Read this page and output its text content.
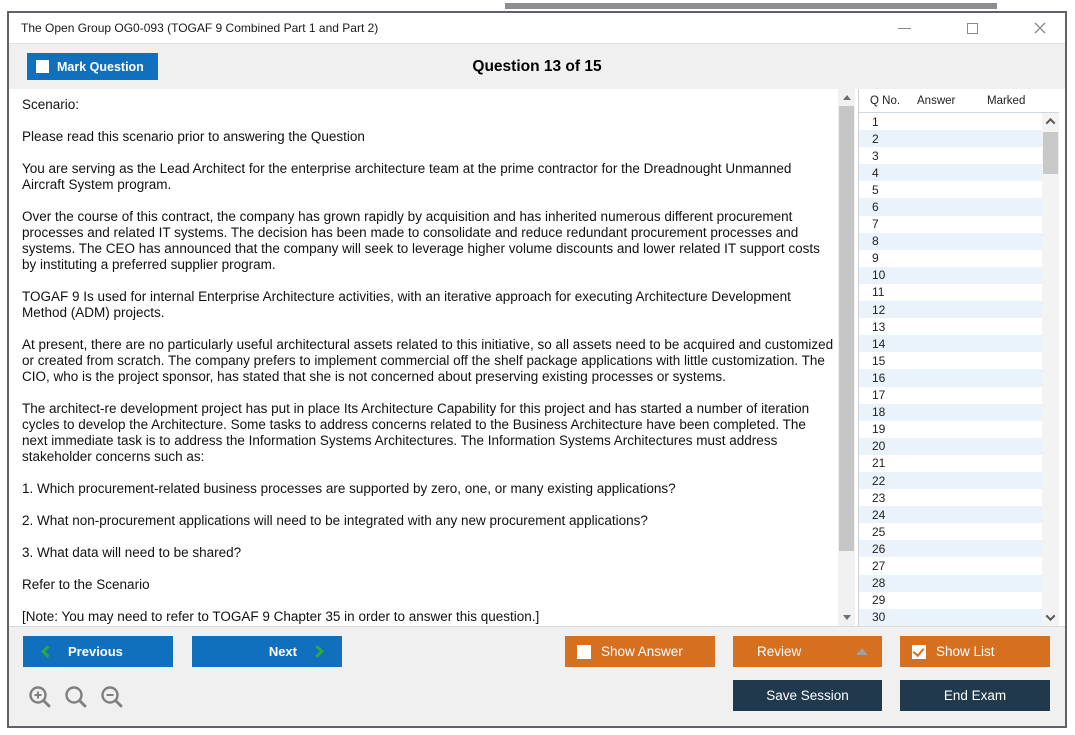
The Open Group OG0-093 (TOGAF 9 Combined Part 1 and Part 2)
Mark Question	Question 13 of 15

Scenario:

Please read this scenario prior to answering the Question

You are serving as the Lead Architect for the enterprise architecture team at the prime contractor for the Dreadnought Unmanned Aircraft System program.

Over the course of this contract, the company has grown rapidly by acquisition and has inherited numerous different procurement processes and related IT systems. The decision has been made to consolidate and reduce redundant procurement processes and systems. The CEO has announced that the company will seek to leverage higher volume discounts and lower related IT support costs by instituting a preferred supplier program.

TOGAF 9 Is used for internal Enterprise Architecture activities, with an iterative approach for executing Architecture Development Method (ADM) projects.

At present, there are no particularly useful architectural assets related to this initiative, so all assets need to be acquired and customized or created from scratch. The company prefers to implement commercial off the shelf package applications with little customization. The CIO, who is the project sponsor, has stated that she is not concerned about preserving existing processes or systems.

The architect-re development project has put in place Its Architecture Capability for this project and has started a number of iteration cycles to develop the Architecture. Some tasks to address concerns related to the Business Architecture have been completed. The next immediate task is to address the Information Systems Architectures. The Information Systems Architectures must address stakeholder concerns such as:

1. Which procurement-related business processes are supported by zero, one, or many existing applications?

2. What non-procurement applications will need to be integrated with any new procurement applications?

3. What data will need to be shared?

Refer to the Scenario

[Note: You may need to refer to TOGAF 9 Chapter 35 in order to answer this question.]

Q No.	Answer	Marked
1
2
3
4
5
6
7
8
9
10
11
12
13
14
15
16
17
18
19
20
21
22
23
24
25
26
27
28
29
30
Previous	Next	Show Answer	Review	Show List
Save Session	End Exam
